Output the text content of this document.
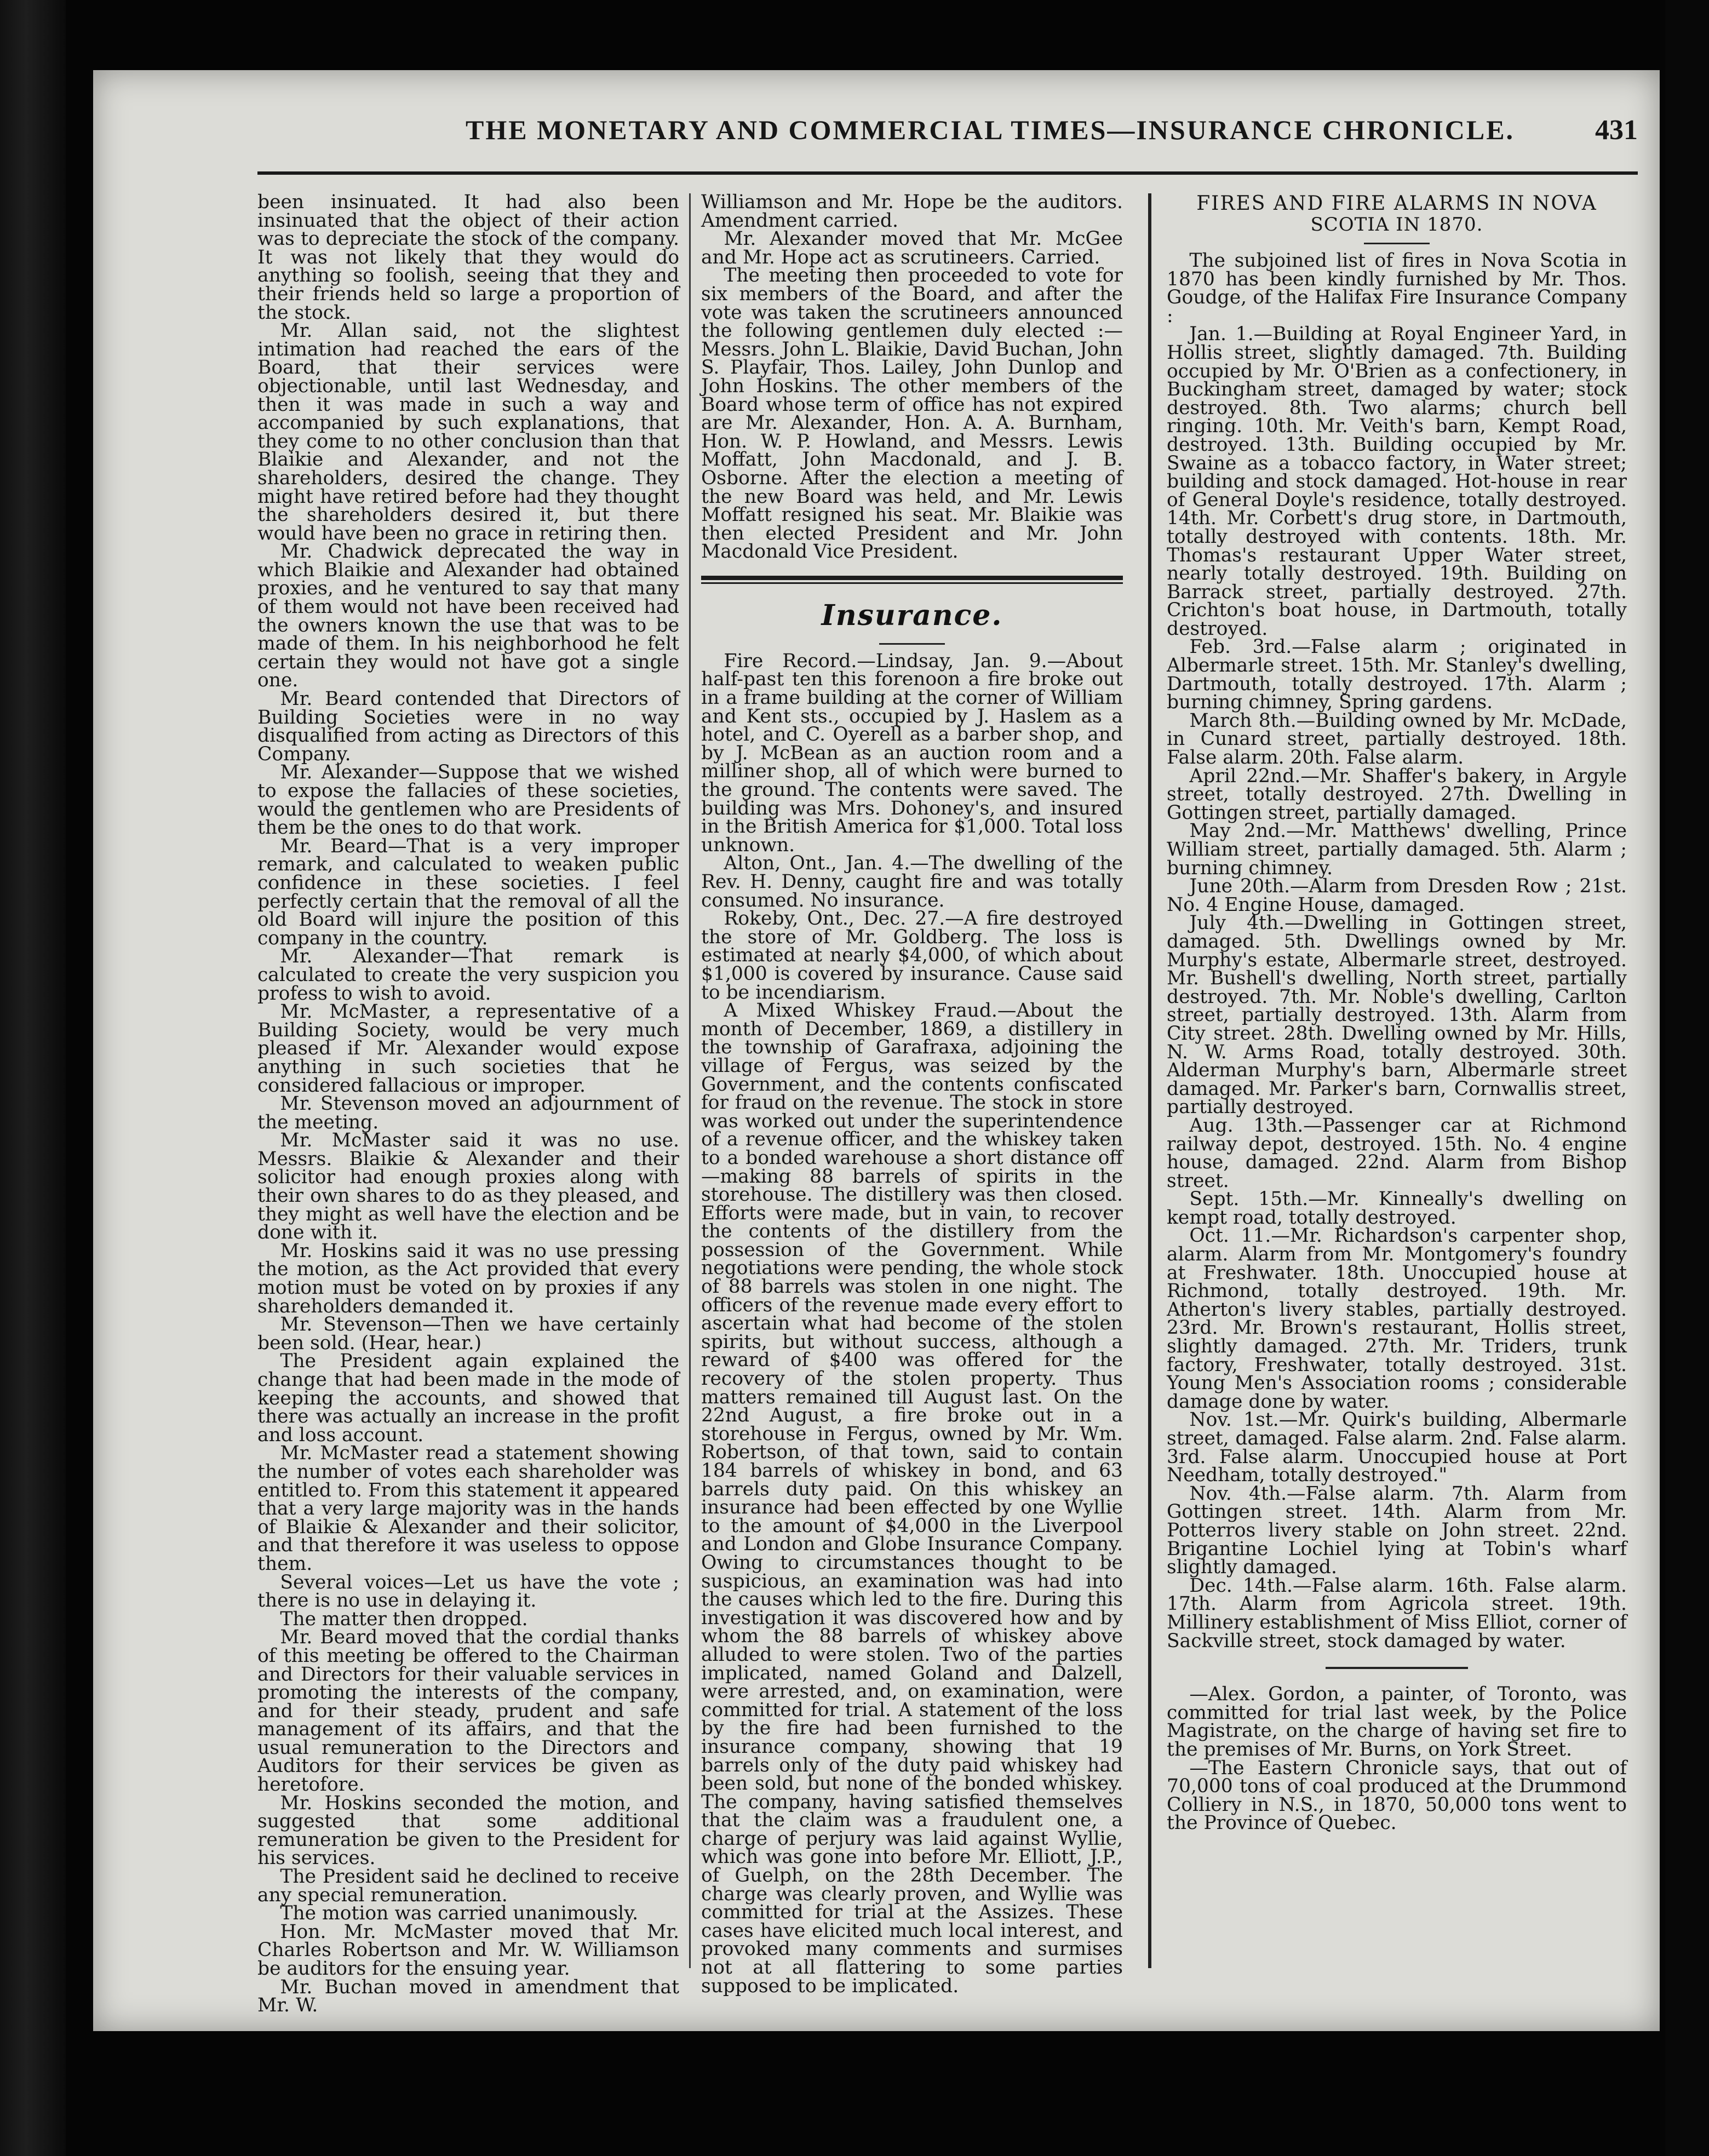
THE MONETARY AND COMMERCIAL TIMES—INSURANCE CHRONICLE.	431

been insinuated. It had also been insinuated that the object of their action was to depreciate the stock of the company. It was not likely that they would do anything so foolish, seeing that they and their friends held so large a proportion of the stock.

Mr. Allan said, not the slightest intimation had reached the ears of the Board, that their services were objectionable, until last Wednesday, and then it was made in such a way and accompanied by such explanations, that they come to no other conclusion than that Blaikie and Alexander, and not the shareholders, desired the change. They might have retired before had they thought the shareholders desired it, but there would have been no grace in retiring then.

Mr. Chadwick deprecated the way in which Blaikie and Alexander had obtained proxies, and he ventured to say that many of them would not have been received had the owners known the use that was to be made of them. In his neighborhood he felt certain they would not have got a single one.

Mr. Beard contended that Directors of Building Societies were in no way disqualified from acting as Directors of this Company.

Mr. Alexander—Suppose that we wished to expose the fallacies of these societies, would the gentlemen who are Presidents of them be the ones to do that work.

Mr. Beard—That is a very improper remark, and calculated to weaken public confidence in these societies. I feel perfectly certain that the removal of all the old Board will injure the position of this company in the country.

Mr. Alexander—That remark is calculated to create the very suspicion you profess to wish to avoid.

Mr. McMaster, a representative of a Building Society, would be very much pleased if Mr. Alexander would expose anything in such societies that he considered fallacious or improper.

Mr. Stevenson moved an adjournment of the meeting.

Mr. McMaster said it was no use. Messrs. Blaikie & Alexander and their solicitor had enough proxies along with their own shares to do as they pleased, and they might as well have the election and be done with it.

Mr. Hoskins said it was no use pressing the motion, as the Act provided that every motion must be voted on by proxies if any shareholders demanded it.

Mr. Stevenson—Then we have certainly been sold. (Hear, hear.)

The President again explained the change that had been made in the mode of keeping the accounts, and showed that there was actually an increase in the profit and loss account.

Mr. McMaster read a statement showing the number of votes each shareholder was entitled to. From this statement it appeared that a very large majority was in the hands of Blaikie & Alexander and their solicitor, and that therefore it was useless to oppose them.

Several voices—Let us have the vote ; there is no use in delaying it.

The matter then dropped.

Mr. Beard moved that the cordial thanks of this meeting be offered to the Chairman and Directors for their valuable services in promoting the interests of the company, and for their steady, prudent and safe management of its affairs, and that the usual remuneration to the Directors and Auditors for their services be given as heretofore.

Mr. Hoskins seconded the motion, and suggested that some additional remuneration be given to the President for his services.

The President said he declined to receive any special remuneration.

The motion was carried unanimously.

Hon. Mr. McMaster moved that Mr. Charles Robertson and Mr. W. Williamson be auditors for the ensuing year.

Mr. Buchan moved in amendment that Mr. W.

Williamson and Mr. Hope be the auditors. Amendment carried.

Mr. Alexander moved that Mr. McGee and Mr. Hope act as scrutineers. Carried.

The meeting then proceeded to vote for six members of the Board, and after the vote was taken the scrutineers announced the following gentlemen duly elected :—Messrs. John L. Blaikie, David Buchan, John S. Playfair, Thos. Lailey, John Dunlop and John Hoskins. The other members of the Board whose term of office has not expired are Mr. Alexander, Hon. A. A. Burnham, Hon. W. P. Howland, and Messrs. Lewis Moffatt, John Macdonald, and J. B. Osborne. After the election a meeting of the new Board was held, and Mr. Lewis Moffatt resigned his seat. Mr. Blaikie was then elected President and Mr. John Macdonald Vice President.

Insurance.

Fire Record.—Lindsay, Jan. 9.—About half-past ten this forenoon a fire broke out in a frame building at the corner of William and Kent sts., occupied by J. Haslem as a hotel, and C. Oyerell as a barber shop, and by J. McBean as an auction room and a milliner shop, all of which were burned to the ground. The contents were saved. The building was Mrs. Dohoney's, and insured in the British America for $1,000. Total loss unknown.

Alton, Ont., Jan. 4.—The dwelling of the Rev. H. Denny, caught fire and was totally consumed. No insurance.

Rokeby, Ont., Dec. 27.—A fire destroyed the store of Mr. Goldberg. The loss is estimated at nearly $4,000, of which about $1,000 is covered by insurance. Cause said to be incendiarism.

A Mixed Whiskey Fraud.—About the month of December, 1869, a distillery in the township of Garafraxa, adjoining the village of Fergus, was seized by the Government, and the contents confiscated for fraud on the revenue. The stock in store was worked out under the superintendence of a revenue officer, and the whiskey taken to a bonded warehouse a short distance off—making 88 barrels of spirits in the storehouse. The distillery was then closed. Efforts were made, but in vain, to recover the contents of the distillery from the possession of the Government. While negotiations were pending, the whole stock of 88 barrels was stolen in one night. The officers of the revenue made every effort to ascertain what had become of the stolen spirits, but without success, although a reward of $400 was offered for the recovery of the stolen property. Thus matters remained till August last. On the 22nd August, a fire broke out in a storehouse in Fergus, owned by Mr. Wm. Robertson, of that town, said to contain 184 barrels of whiskey in bond, and 63 barrels duty paid. On this whiskey an insurance had been effected by one Wyllie to the amount of $4,000 in the Liverpool and London and Globe Insurance Company. Owing to circumstances thought to be suspicious, an examination was had into the causes which led to the fire. During this investigation it was discovered how and by whom the 88 barrels of whiskey above alluded to were stolen. Two of the parties implicated, named Goland and Dalzell, were arrested, and, on examination, were committed for trial. A statement of the loss by the fire had been furnished to the insurance company, showing that 19 barrels only of the duty paid whiskey had been sold, but none of the bonded whiskey. The company, having satisfied themselves that the claim was a fraudulent one, a charge of perjury was laid against Wyllie, which was gone into before Mr. Elliott, J.P., of Guelph, on the 28th December. The charge was clearly proven, and Wyllie was committed for trial at the Assizes. These cases have elicited much local interest, and provoked many comments and surmises not at all flattering to some parties supposed to be implicated.

FIRES AND FIRE ALARMS IN NOVA
SCOTIA IN 1870.

The subjoined list of fires in Nova Scotia in 1870 has been kindly furnished by Mr. Thos. Goudge, of the Halifax Fire Insurance Company :

Jan. 1.—Building at Royal Engineer Yard, in Hollis street, slightly damaged. 7th. Building occupied by Mr. O'Brien as a confectionery, in Buckingham street, damaged by water; stock destroyed. 8th. Two alarms; church bell ringing. 10th. Mr. Veith's barn, Kempt Road, destroyed. 13th. Building occupied by Mr. Swaine as a tobacco factory, in Water street; building and stock damaged. Hot-house in rear of General Doyle's residence, totally destroyed. 14th. Mr. Corbett's drug store, in Dartmouth, totally destroyed with contents. 18th. Mr. Thomas's restaurant Upper Water street, nearly totally destroyed. 19th. Building on Barrack street, partially destroyed. 27th. Crichton's boat house, in Dartmouth, totally destroyed.

Feb. 3rd.—False alarm ; originated in Albermarle street. 15th. Mr. Stanley's dwelling, Dartmouth, totally destroyed. 17th. Alarm ; burning chimney, Spring gardens.

March 8th.—Building owned by Mr. McDade, in Cunard street, partially destroyed. 18th. False alarm. 20th. False alarm.

April 22nd.—Mr. Shaffer's bakery, in Argyle street, totally destroyed. 27th. Dwelling in Gottingen street, partially damaged.

May 2nd.—Mr. Matthews' dwelling, Prince William street, partially damaged. 5th. Alarm ; burning chimney.

June 20th.—Alarm from Dresden Row ; 21st. No. 4 Engine House, damaged.

July 4th.—Dwelling in Gottingen street, damaged. 5th. Dwellings owned by Mr. Murphy's estate, Albermarle street, destroyed. Mr. Bushell's dwelling, North street, partially destroyed. 7th. Mr. Noble's dwelling, Carlton street, partially destroyed. 13th. Alarm from City street. 28th. Dwelling owned by Mr. Hills, N. W. Arms Road, totally destroyed. 30th. Alderman Murphy's barn, Albermarle street damaged. Mr. Parker's barn, Cornwallis street, partially destroyed.

Aug. 13th.—Passenger car at Richmond railway depot, destroyed. 15th. No. 4 engine house, damaged. 22nd. Alarm from Bishop street.

Sept. 15th.—Mr. Kinneally's dwelling on kempt road, totally destroyed.

Oct. 11.—Mr. Richardson's carpenter shop, alarm. Alarm from Mr. Montgomery's foundry at Freshwater. 18th. Unoccupied house at Richmond, totally destroyed. 19th. Mr. Atherton's livery stables, partially destroyed. 23rd. Mr. Brown's restaurant, Hollis street, slightly damaged. 27th. Mr. Triders, trunk factory, Freshwater, totally destroyed. 31st. Young Men's Association rooms ; considerable damage done by water.

Nov. 1st.—Mr. Quirk's building, Albermarle street, damaged. False alarm. 2nd. False alarm. 3rd. False alarm. Unoccupied house at Port Needham, totally destroyed."

Nov. 4th.—False alarm. 7th. Alarm from Gottingen street. 14th. Alarm from Mr. Potterros livery stable on John street. 22nd. Brigantine Lochiel lying at Tobin's wharf slightly damaged.

Dec. 14th.—False alarm. 16th. False alarm. 17th. Alarm from Agricola street. 19th. Millinery establishment of Miss Elliot, corner of Sackville street, stock damaged by water.

—Alex. Gordon, a painter, of Toronto, was committed for trial last week, by the Police Magistrate, on the charge of having set fire to the premises of Mr. Burns, on York Street.

—The Eastern Chronicle says, that out of 70,000 tons of coal produced at the Drummond Colliery in N.S., in 1870, 50,000 tons went to the Province of Quebec.
